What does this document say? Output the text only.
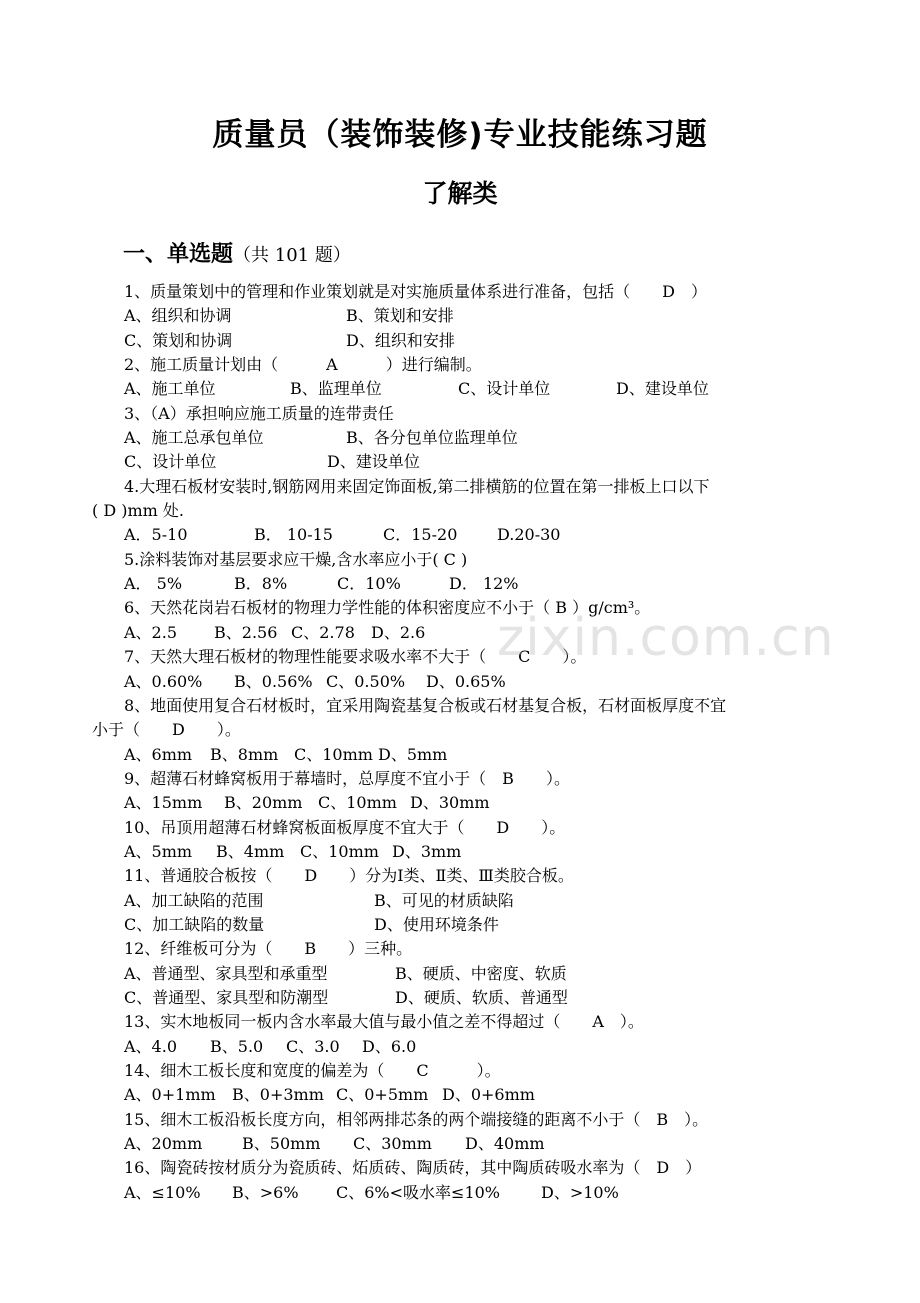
质量员（装饰装修)专业技能练习题
了解类
一、单选题（共 101 题）
1、质量策划中的管理和作业策划就是对实施质量体系进行准备，包括（　　D　）
A、组织和协调	B、策划和安排
C、策划和协调	D、组织和安排
2、施工质量计划由（　　　A　　　）进行编制。
A、施工单位	B、监理单位	C、设计单位	D、建设单位
3、（A）承担响应施工质量的连带责任
A、施工总承包单位	B、各分包单位监理单位
C、设计单位	D、建设单位
4.大理石板材安装时,钢筋网用来固定饰面板,第二排横筋的位置在第一排板上口以下
( D )mm 处.
A．5-10	B． 10-15	C．15-20 D.20-30
5.涂料装饰对基层要求应干燥,含水率应小于( C )
A． 5%	B．8%	C．10%	D． 12%
6、天然花岗岩石板材的物理力学性能的体积密度应不小于（ B ）g/cm³。
A、2.5 B、2.56 C、2.78 D、2.6
7、天然大理石板材的物理性能要求吸水率不大于（　　C　　）。
A、0.60% B、0.56% C、0.50% D、0.65%
8、地面使用复合石材板时，宜采用陶瓷基复合板或石材基复合板，石材面板厚度不宜
小于（　　D　　）。
A、6mm B、8mm C、10mm D、5mm
9、超薄石材蜂窝板用于幕墙时，总厚度不宜小于（　B　　）。
A、15mm B、20mm C、10mm D、30mm
10、吊顶用超薄石材蜂窝板面板厚度不宜大于（　　D　　）。
A、5mm B、4mm C、10mm D、3mm
11、普通胶合板按（　　D　　）分为Ⅰ类、Ⅱ类、Ⅲ类胶合板。
A、加工缺陷的范围	B、可见的材质缺陷
C、加工缺陷的数量	D、使用环境条件
12、纤维板可分为（　　B　　）三种。
A、普通型、家具型和承重型	B、硬质、中密度、软质
C、普通型、家具型和防潮型	D、硬质、软质、普通型
13、实木地板同一板内含水率最大值与最小值之差不得超过（　　A　）。
A、4.0 B、5.0 C、3.0 D、6.0
14、细木工板长度和宽度的偏差为（　　C　　　）。
A、0+1mm B、0+3mm C、0+5mm D、0+6mm
15、细木工板沿板长度方向，相邻两排芯条的两个端接缝的距离不小于（　B　）。
A、20mm B、50mm C、30mm D、40mm
16、陶瓷砖按材质分为瓷质砖、炻质砖、陶质砖，其中陶质砖吸水率为（　D　）
A、≤10% B、>6% C、6%<吸水率≤10%	D、>10%
zixin.com.cn
